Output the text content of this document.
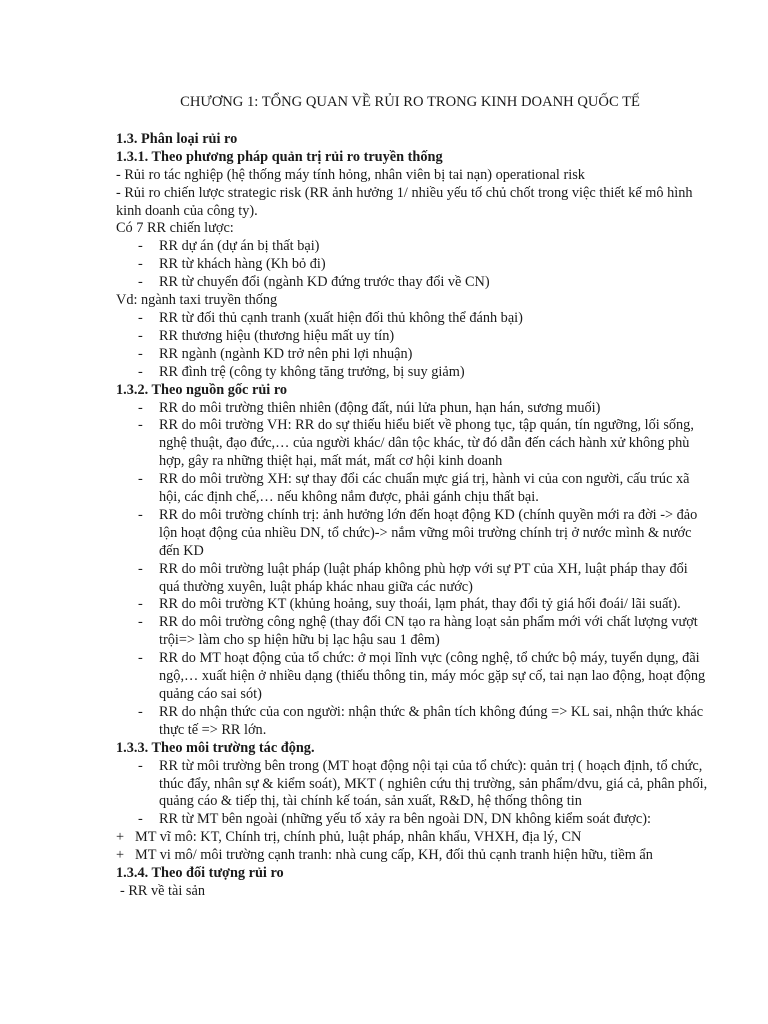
CHƯƠNG 1: TỔNG QUAN VỀ RỦI RO TRONG KINH DOANH QUỐC TẾ

1.3. Phân loại rủi ro

1.3.1. Theo phương pháp quản trị rủi ro truyền thống

- Rủi ro tác nghiệp (hệ thống máy tính hỏng, nhân viên bị tai nạn) operational risk

- Rủi ro chiến lược strategic risk (RR ảnh hưởng 1/ nhiều yếu tố chủ chốt trong việc thiết kế mô hình kinh doanh của công ty).

Có 7 RR chiến lược:

- RR dự án (dự án bị thất bại)
- RR từ khách hàng (Kh bỏ đi)
- RR từ chuyển đổi (ngành KD đứng trước thay đổi về CN)

Vd: ngành taxi truyền thống

- RR từ đối thủ cạnh tranh (xuất hiện đối thủ không thể đánh bại)
- RR thương hiệu (thương hiệu mất uy tín)
- RR ngành (ngành KD trở nên phi lợi nhuận)
- RR đình trệ (công ty không tăng trưởng, bị suy giảm)

1.3.2. Theo nguồn gốc rủi ro

- RR do môi trường thiên nhiên (động đất, núi lửa phun, hạn hán, sương muối)
- RR do môi trường VH: RR do sự thiếu hiểu biết về phong tục, tập quán, tín ngưỡng, lối sống, nghệ thuật, đạo đức,… của người khác/ dân tộc khác, từ đó dẫn đến cách hành xử không phù hợp, gây ra những thiệt hại, mất mát, mất cơ hội kinh doanh
- RR do môi trường XH: sự thay đổi các chuẩn mực giá trị, hành vi của con người, cấu trúc xã hội, các định chế,… nếu không nắm được, phải gánh chịu thất bại.
- RR do môi trường chính trị: ảnh hưởng lớn đến hoạt động KD (chính quyền mới ra đời -> đảo lộn hoạt động của nhiều DN, tổ chức)-> nắm vững môi trường chính trị ở nước mình & nước đến KD
- RR do môi trường luật pháp (luật pháp không phù hợp với sự PT của XH, luật pháp thay đổi quá thường xuyên, luật pháp khác nhau giữa các nước)
- RR do môi trường KT (khủng hoảng, suy thoái, lạm phát, thay đổi tỷ giá hối đoái/ lãi suất).
- RR do môi trường công nghệ (thay đổi CN tạo ra hàng loạt sản phẩm mới với chất lượng vượt trội=> làm cho sp hiện hữu bị lạc hậu sau 1 đêm)
- RR do MT hoạt động của tổ chức: ở mọi lĩnh vực (công nghệ, tổ chức bộ máy, tuyển dụng, đãi ngộ,… xuất hiện ở nhiều dạng (thiếu thông tin, máy móc gặp sự cố, tai nạn lao động, hoạt động quảng cáo sai sót)
- RR do nhận thức của con người: nhận thức & phân tích không đúng => KL sai, nhận thức khác thực tế => RR lớn.

1.3.3. Theo môi trường tác động.

- RR từ môi trường bên trong (MT hoạt động nội tại của tổ chức): quản trị ( hoạch định, tổ chức, thúc đẩy, nhân sự & kiểm soát), MKT ( nghiên cứu thị trường, sản phẩm/dvu, giá cả, phân phối, quảng cáo & tiếp thị, tài chính kế toán, sản xuất, R&D, hệ thống thông tin
- RR từ MT bên ngoài (những yếu tố xảy ra bên ngoài DN, DN không kiểm soát được):
+ MT vĩ mô: KT, Chính trị, chính phủ, luật pháp, nhân khẩu, VHXH, địa lý, CN
+ MT vi mô/ môi trường cạnh tranh: nhà cung cấp, KH, đối thủ cạnh tranh hiện hữu, tiềm ẩn

1.3.4. Theo đối tượng rủi ro

- RR về tài sản
